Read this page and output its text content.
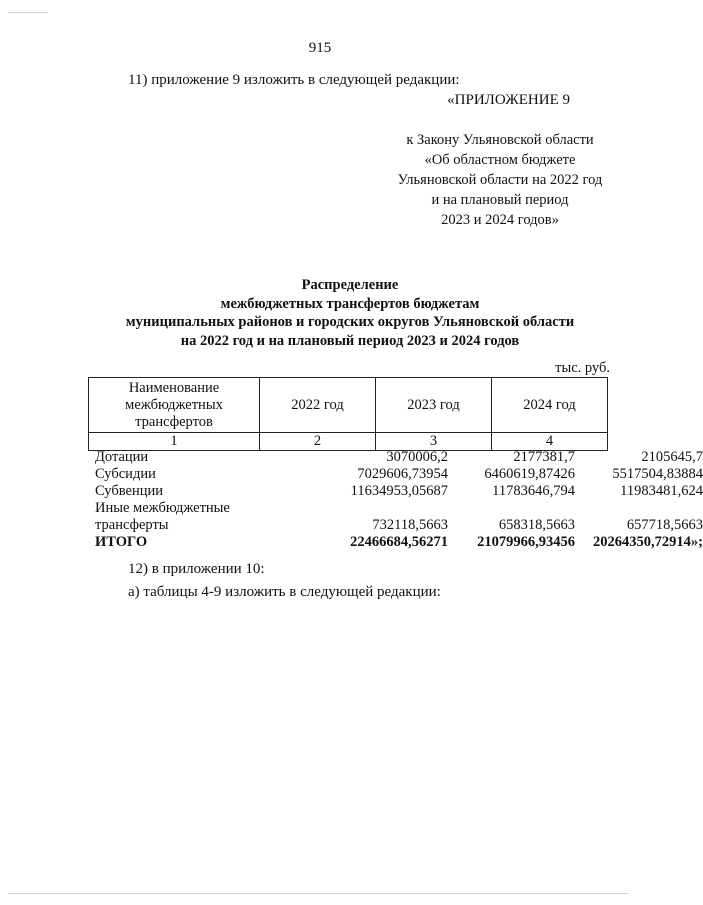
915
11) приложение 9 изложить в следующей редакции:
«ПРИЛОЖЕНИЕ 9
к Закону Ульяновской области
«Об областном бюджете
Ульяновской области на 2022 год
и на плановый период
2023 и 2024 годов»
Распределение
межбюджетных трансфертов бюджетам
муниципальных районов и городских округов Ульяновской области
на 2022 год и на плановый период 2023 и 2024 годов
тыс. руб.
Наименование
межбюджетных
трансфертов	2022 год	2023 год	2024 год
1	2	3	4
Дотации	3070006,2	2177381,7	2105645,7
Субсидии	7029606,73954	6460619,87426	5517504,83884
Субвенции	11634953,05687	11783646,794	11983481,624
Иные межбюджетные
трансферты	732118,5663	658318,5663	657718,5663
ИТОГО	22466684,56271	21079966,93456	20264350,72914»;
12) в приложении 10:
а) таблицы 4-9 изложить в следующей редакции:
